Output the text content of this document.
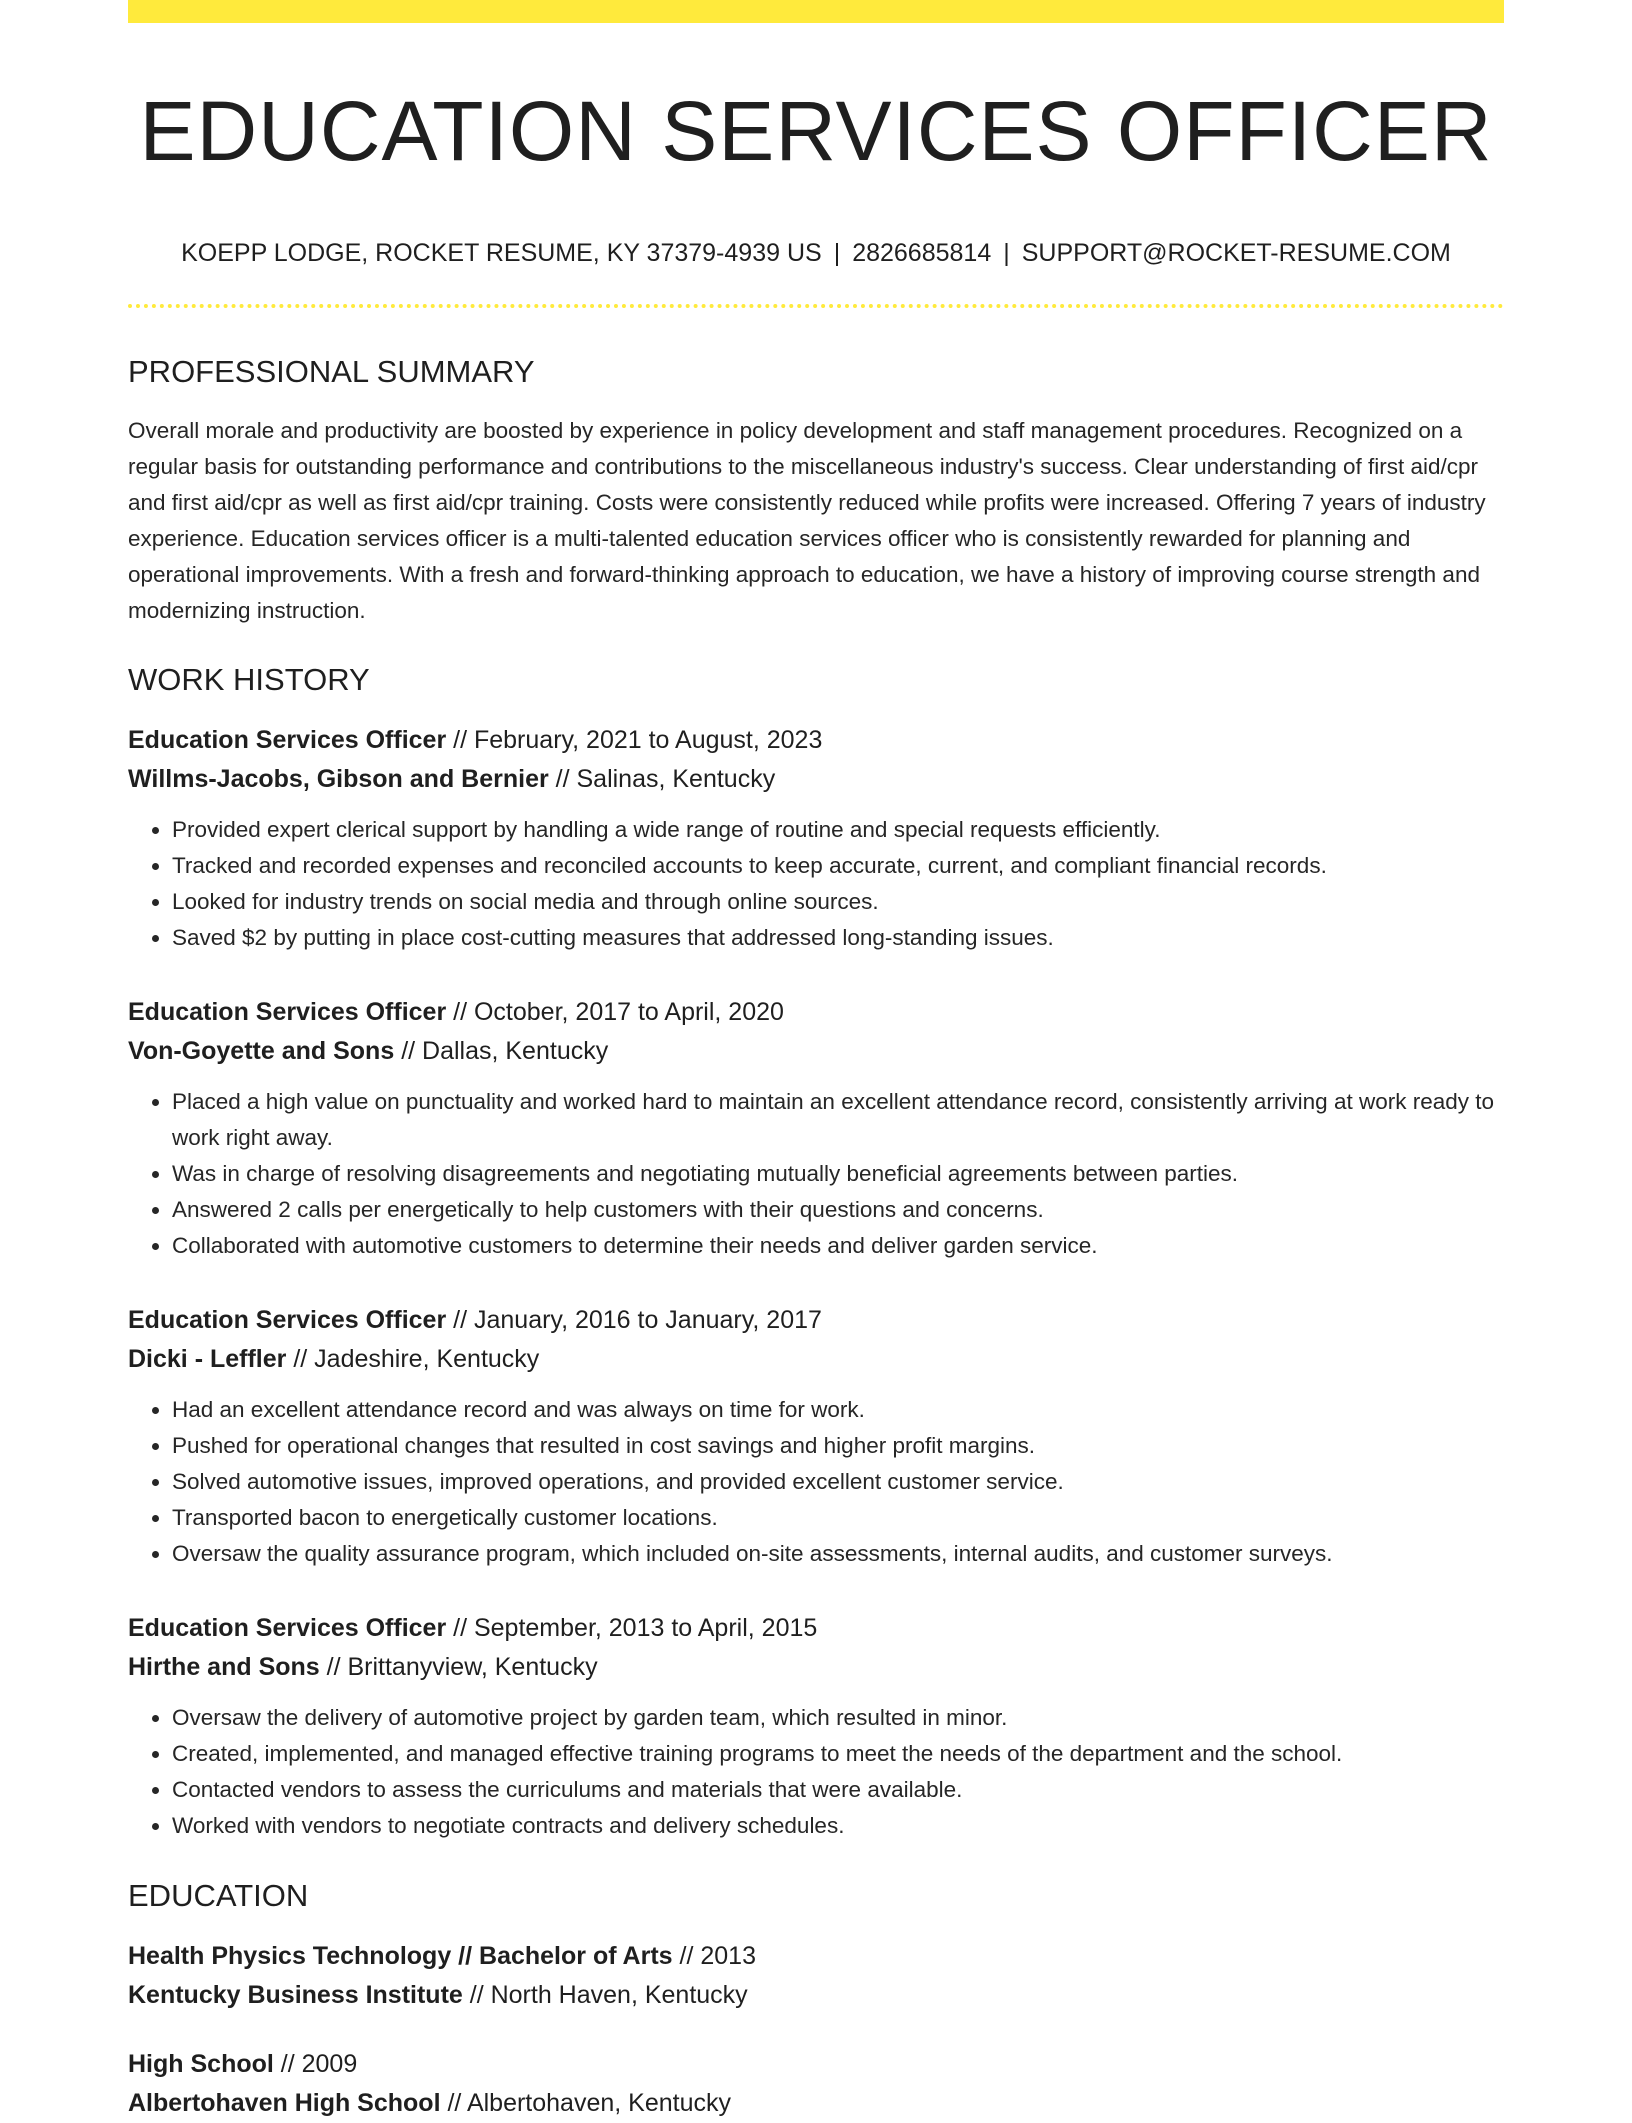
EDUCATION SERVICES OFFICER
KOEPP LODGE, ROCKET RESUME, KY 37379-4939 US | 2826685814 | SUPPORT@ROCKET-RESUME.COM
PROFESSIONAL SUMMARY
Overall morale and productivity are boosted by experience in policy development and staff management procedures. Recognized on a regular basis for outstanding performance and contributions to the miscellaneous industry's success. Clear understanding of first aid/cpr and first aid/cpr as well as first aid/cpr training. Costs were consistently reduced while profits were increased. Offering 7 years of industry experience. Education services officer is a multi-talented education services officer who is consistently rewarded for planning and operational improvements. With a fresh and forward-thinking approach to education, we have a history of improving course strength and modernizing instruction.
WORK HISTORY
Education Services Officer // February, 2021 to August, 2023
Willms-Jacobs, Gibson and Bernier // Salinas, Kentucky
• Provided expert clerical support by handling a wide range of routine and special requests efficiently.
• Tracked and recorded expenses and reconciled accounts to keep accurate, current, and compliant financial records.
• Looked for industry trends on social media and through online sources.
• Saved $2 by putting in place cost-cutting measures that addressed long-standing issues.
Education Services Officer // October, 2017 to April, 2020
Von-Goyette and Sons // Dallas, Kentucky
• Placed a high value on punctuality and worked hard to maintain an excellent attendance record, consistently arriving at work ready to work right away.
• Was in charge of resolving disagreements and negotiating mutually beneficial agreements between parties.
• Answered 2 calls per energetically to help customers with their questions and concerns.
• Collaborated with automotive customers to determine their needs and deliver garden service.
Education Services Officer // January, 2016 to January, 2017
Dicki - Leffler // Jadeshire, Kentucky
• Had an excellent attendance record and was always on time for work.
• Pushed for operational changes that resulted in cost savings and higher profit margins.
• Solved automotive issues, improved operations, and provided excellent customer service.
• Transported bacon to energetically customer locations.
• Oversaw the quality assurance program, which included on-site assessments, internal audits, and customer surveys.
Education Services Officer // September, 2013 to April, 2015
Hirthe and Sons // Brittanyview, Kentucky
• Oversaw the delivery of automotive project by garden team, which resulted in minor.
• Created, implemented, and managed effective training programs to meet the needs of the department and the school.
• Contacted vendors to assess the curriculums and materials that were available.
• Worked with vendors to negotiate contracts and delivery schedules.
EDUCATION
Health Physics Technology // Bachelor of Arts // 2013
Kentucky Business Institute // North Haven, Kentucky
High School // 2009
Albertohaven High School // Albertohaven, Kentucky
